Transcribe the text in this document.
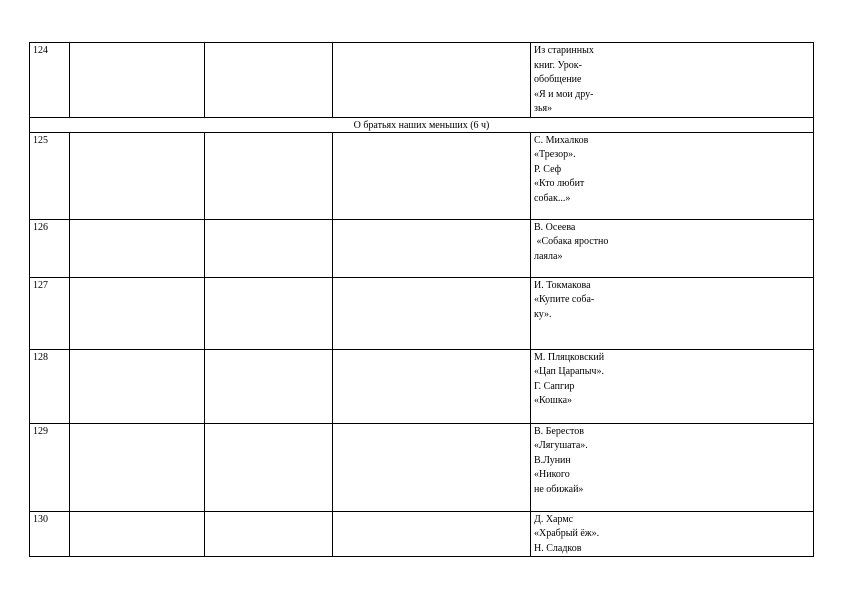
124				Из старинных
книг. Урок-
обобщение
«Я и мои дру-
зья»

О братьях наших меньших (6 ч)				
125				С. Михалков
«Трезор».
Р. Сеф
«Кто любит
собак...»

126				В. Осеева
«Собака яростно
лаяла»

127				И. Токмакова
«Купите соба-
ку».

128				М. Пляцковский
«Цап Царапыч».
Г. Сапгир
«Кошка»

129				В. Берестов
«Лягушата».
В.Лунин
«Никого
не обижай»

130				Д. Хармс
«Храбрый ёж».
Н. Сладков
